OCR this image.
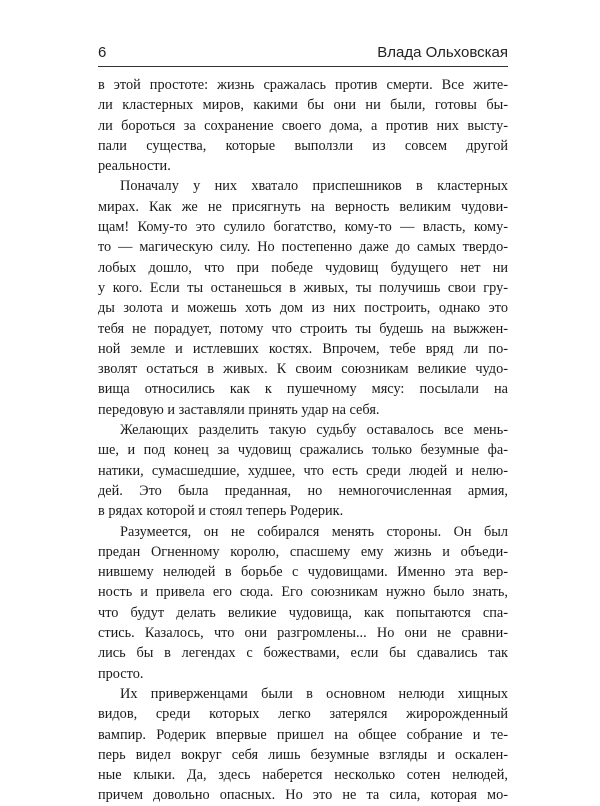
6	Влада Ольховская

в этой простоте: жизнь сражалась против смерти. Все жите-
ли кластерных миров, какими бы они ни были, готовы бы-
ли бороться за сохранение своего дома, а против них высту-
пали существа, которые выползли из совсем другой
реальности.

Поначалу у них хватало приспешников в кластерных
мирах. Как же не присягнуть на верность великим чудови-
щам! Кому-то это сулило богатство, кому-то — власть, кому-
то — магическую силу. Но постепенно даже до самых твердо-
лобых дошло, что при победе чудовищ будущего нет ни
у кого. Если ты останешься в живых, ты получишь свои гру-
ды золота и можешь хоть дом из них построить, однако это
тебя не порадует, потому что строить ты будешь на выжжен-
ной земле и истлевших костях. Впрочем, тебе вряд ли по-
зволят остаться в живых. К своим союзникам великие чудо-
вища относились как к пушечному мясу: посылали на
передовую и заставляли принять удар на себя.

Желающих разделить такую судьбу оставалось все мень-
ше, и под конец за чудовищ сражались только безумные фа-
натики, сумасшедшие, худшее, что есть среди людей и нелю-
дей. Это была преданная, но немногочисленная армия,
в рядах которой и стоял теперь Родерик.

Разумеется, он не собирался менять стороны. Он был
предан Огненному королю, спасшему ему жизнь и объеди-
нившему нелюдей в борьбе с чудовищами. Именно эта вер-
ность и привела его сюда. Его союзникам нужно было знать,
что будут делать великие чудовища, как попытаются спа-
стись. Казалось, что они разгромлены... Но они не сравни-
лись бы в легендах с божествами, если бы сдавались так
просто.

Их приверженцами были в основном нелюди хищных
видов, среди которых легко затерялся жиророжденный
вампир. Родерик впервые пришел на общее собрание и те-
перь видел вокруг себя лишь безумные взгляды и оскален-
ные клыки. Да, здесь наберется несколько сотен нелюдей,
причем довольно опасных. Но это не та сила, которая мо-
